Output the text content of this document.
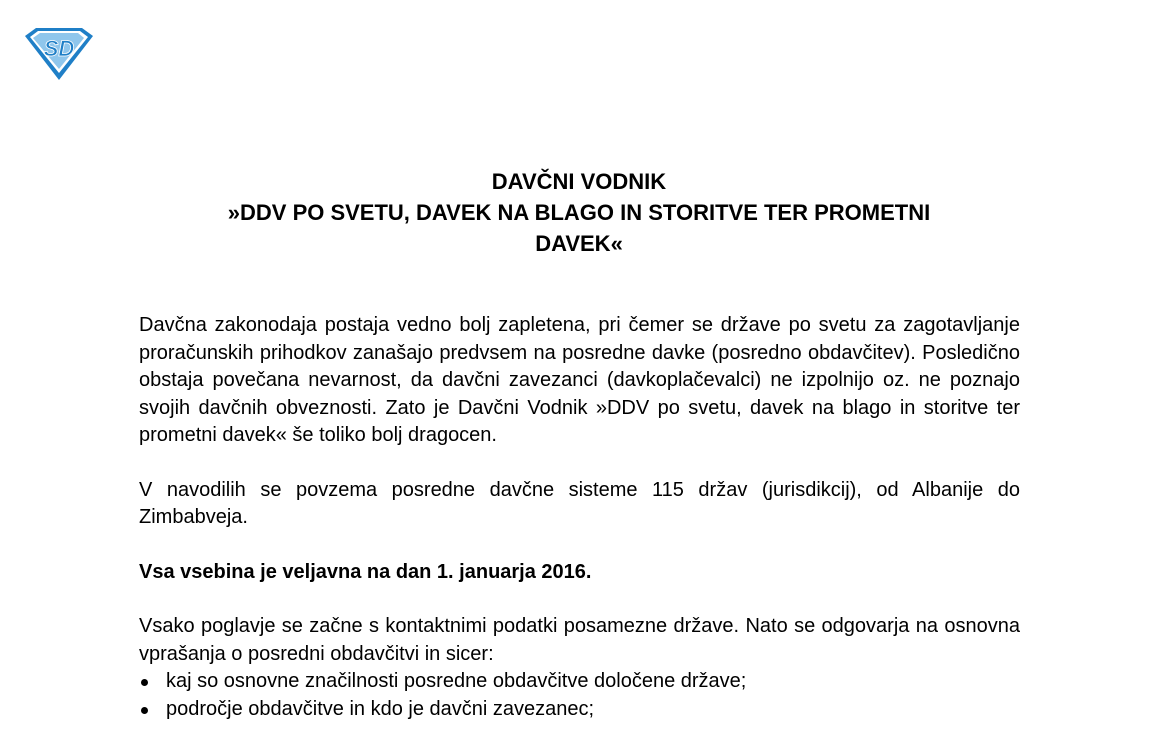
SD
DAVČNI VODNIK
»DDV PO SVETU, DAVEK NA BLAGO IN STORITVE TER PROMETNI
DAVEK«

Davčna zakonodaja postaja vedno bolj zapletena, pri čemer se države po svetu za zagotavljanje proračunskih prihodkov zanašajo predvsem na posredne davke (posredno obdavčitev). Posledično obstaja povečana nevarnost, da davčni zavezanci (davkoplačevalci) ne izpolnijo oz. ne poznajo svojih davčnih obveznosti. Zato je Davčni Vodnik »DDV po svetu, davek na blago in storitve ter prometni davek« še toliko bolj dragocen.

V navodilih se povzema posredne davčne sisteme 115 držav (jurisdikcij), od Albanije do Zimbabveja.

Vsa vsebina je veljavna na dan 1. januarja 2016.

Vsako poglavje se začne s kontaktnimi podatki posamezne države. Nato se odgovarja na osnovna vprašanja o posredni obdavčitvi in sicer:

kaj so osnovne značilnosti posredne obdavčitve določene države;
področje obdavčitve in kdo je davčni zavezanec;
